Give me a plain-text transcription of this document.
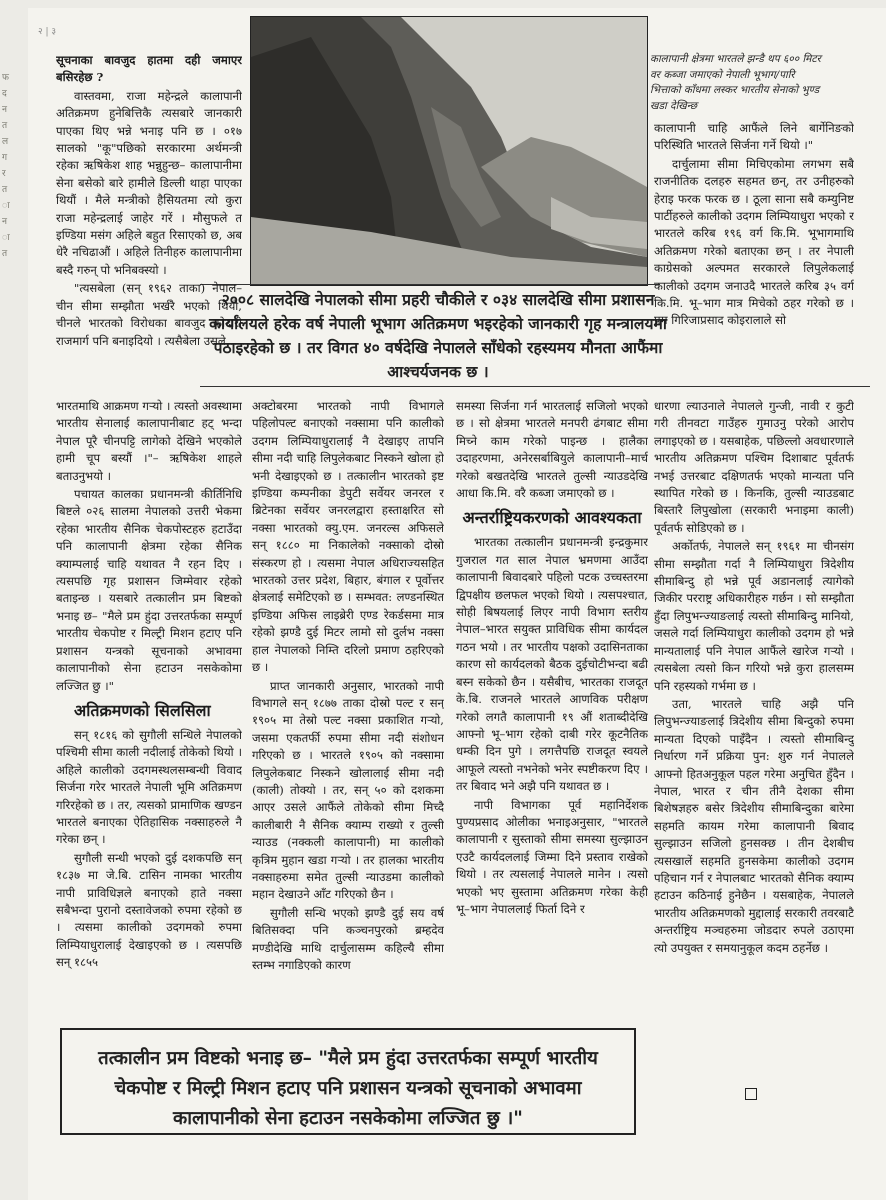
फ
द
न
त
ल
ग
र
त
ा
न
ा
त
२ | ३
कालापानी क्षेत्रमा भारतले झन्डै थप ६०० मिटर वर कब्जा जमाएको नेपाली भूभाग/पारि भित्ताको काँधमा लस्कर भारतीय सेनाको भुण्ड खडा देखिन्छ
२००८ सालदेखि नेपालको सीमा प्रहरी चौकीले र ०३४ सालदेखि सीमा प्रशासन कार्यालयले हरेक वर्ष नेपाली भूभाग अतिक्रमण भइरहेको जानकारी गृह मन्त्रालयमा पठाइरहेको छ । तर विगत ४० वर्षदेखि नेपालले साँधेको रहस्यमय मौनता आफैंमा आश्चर्यजनक छ ।

सूचनाका बावजुद हातमा दही जमाएर बसिरहेछ ?

वास्तवमा, राजा महेन्द्रले कालापानी अतिक्रमण हुनेबित्तिकै त्यसबारे जानकारी पाएका थिए भन्ने भनाइ पनि छ । ०१७ सालको "कू"पछिको सरकारमा अर्थमन्त्री रहेका ऋषिकेश शाह भन्नुहुन्छ– कालापानीमा सेना बसेको बारे हामीले डिल्ली थाहा पाएका थियौं । मैले मन्त्रीको हैसियतमा त्यो कुरा राजा महेन्द्रलाई जाहेर गरें । मौसुफले त इण्डिया मसंग अहिले बहुत रिसाएको छ, अब धेरै नचिढाऔं । अहिले तिनीहरु कालापानीमा बस्दै गरुन् पो भनिबक्स्यो ।

"त्यसबेला (सन् १९६२ ताका) नेपाल–चीन सीमा सम्झौता भर्खरै भएको थियो, चीनले भारतको विरोधका बावजुद कोदारी राजमार्ग पनि बनाइदियो । त्यसैबेला उसले

भारतमाथि आक्रमण गऱ्यो । त्यस्तो अवस्थामा भारतीय सेनालाई कालापानीबाट हट् भन्दा नेपाल पूरै चीनपट्टि लागेको देखिने भएकोले हामी चूप बस्यौं ।"– ऋषिकेश शाहले बताउनुभयो ।

पचायत कालका प्रधानमन्त्री कीर्तिनिधि बिष्टले ०२६ सालमा नेपालको उत्तरी भेकमा रहेका भारतीय सैनिक चेकपोस्टहरु हटाउँदा पनि कालापानी क्षेत्रमा रहेका सैनिक क्याम्पलाई चाहि यथावत नै रहन दिए । त्यसपछि गृह प्रशासन जिम्मेवार रहेको बताइन्छ । यसबारे तत्कालीन प्रम बिष्टको भनाइ छ– "मैले प्रम हुंदा उत्तरतर्फका सम्पूर्ण भारतीय चेकपोष्ट र मिल्ट्री मिशन हटाए पनि प्रशासन यन्त्रको सूचनाको अभावमा कालापानीको सेना हटाउन नसकेकोमा लज्जित छु ।"

अतिक्रमणको सिलसिला

सन् १८१६ को सुगौली सन्धिले नेपालको पश्चिमी सीमा काली नदीलाई तोकेको थियो । अहिले कालीको उदगमस्थलसम्बन्धी विवाद सिर्जना गरेर भारतले नेपाली भूमि अतिक्रमण गरिरहेको छ । तर, त्यसको प्रामाणिक खण्डन भारतले बनाएका ऐतिहासिक नक्साहरुले नै गरेका छन् ।

सुगौली सन्धी भएको दुई दशकपछि सन् १८३७ मा जे.बि. टासिन नामका भारतीय नापी प्राविधिज्ञले बनाएको हाते नक्सा सबैभन्दा पुरानो दस्तावेजको रुपमा रहेको छ । त्यसमा कालीको उदगमको रुपमा लिम्पियाधुरालाई देखाइएको छ । त्यसपछि सन् १८५५

अक्टोबरमा भारतको नापी विभागले पहिलोपल्ट बनाएको नक्सामा पनि कालीको उदगम लिम्पियाधुरालाई नै देखाइए तापनि सीमा नदी चाहि लिपुलेकबाट निस्कने खोला हो भनी देखाइएको छ । तत्कालीन भारतको इष्ट इण्डिया कम्पनीका डेपुटी सर्वेयर जनरल र ब्रिटेनका सर्वेयर जनरलद्वारा हस्ताक्षरित सो नक्सा भारतको क्यु.एम. जनरल्स अफिसले सन् १८८० मा निकालेको नक्साको दोस्रो संस्करण हो । त्यसमा नेपाल अधिराज्यसहित भारतको उत्तर प्रदेश, बिहार, बंगाल र पूर्वोत्तर क्षेत्रलाई समेटिएको छ । सम्भवत: लण्डनस्थित इण्डिया अफिस लाइब्रेरी एण्ड रेकर्डसमा मात्र रहेको झण्डै दुई मिटर लामो सो दुर्लभ नक्सा हाल नेपालको निम्ति दरिलो प्रमाण ठहरिएको छ ।

प्राप्त जानकारी अनुसार, भारतको नापी विभागले सन् १८७७ ताका दोस्रो पल्ट र सन् १९०५ मा तेस्रो पल्ट नक्सा प्रकाशित गऱ्यो, जसमा एकतर्फी रुपमा सीमा नदी संशोधन गरिएको छ । भारतले १९०५ को नक्सामा लिपुलेकबाट निस्कने खोलालाई सीमा नदी (काली) तोक्यो । तर, सन् ५० को दशकमा आएर उसले आफैंले तोकेको सीमा मिच्दै कालीबारी नै सैनिक क्याम्प राख्यो र तुल्सी न्याउड (नक्कली कालापानी) मा कालीको कृत्रिम मुहान खडा गऱ्यो । तर हालका भारतीय नक्साहरुमा समेत तुल्सी न्याउडमा कालीको महान देखाउने आँट गरिएको छैन ।

सुगौली सन्धि भएको झण्डै दुई सय वर्ष बितिसक्दा पनि कञ्चनपुरको ब्रम्हदेव मण्डीदेखि माथि दार्चुलासम्म कहिल्यै सीमा स्तम्भ नगाडिएको कारण

समस्या सिर्जना गर्न भारतलाई सजिलो भएको छ । सो क्षेत्रमा भारतले मनपरी ढंगबाट सीमा मिच्ने काम गरेको पाइन्छ । हालैका उदाहरणमा, अनेरसर्बाबियुले कालापानी–मार्च गरेको बखतदेखि भारतले तुल्सी न्याउडदेखि आधा कि.मि. वरै कब्जा जमाएको छ ।

अन्तर्राष्ट्रियकरणको आवश्यकता

भारतका तत्कालीन प्रधानमन्त्री इन्द्रकुमार गुजराल गत साल नेपाल भ्रमणमा आउँदा कालापानी बिवादबारे पहिलो पटक उच्चस्तरमा द्विपक्षीय छलफल भएको थियो । त्यसपश्चात, सोही बिषयलाई लिएर नापी विभाग स्तरीय नेपाल–भारत सयुक्त प्राविधिक सीमा कार्यदल गठन भयो । तर भारतीय पक्षको उदासिनताका कारण सो कार्यदलको बैठक दुईचोटीभन्दा बढी बस्न सकेको छैन । यसैबीच, भारतका राजदूत के.बि. राजनले भारतले आणविक परीक्षण गरेको लगतै कालापानी १९ औं शताब्दीदेखि आफ्नो भू–भाग रहेको दाबी गरेर कूटनैतिक धम्की दिन पुगे । लगत्तैपछि राजदूत स्वयले आफूले त्यस्तो नभनेको भनेर स्पष्टीकरण दिए । तर बिवाद भने अझै पनि यथावत छ ।

नापी विभागका पूर्व महानिर्देशक पुण्यप्रसाद ओलीका भनाइअनुसार, "भारतले कालापानी र सुस्ताको सीमा समस्या सुल्झाउन एउटै कार्यदललाई जिम्मा दिने प्रस्ताव राखेको थियो । तर त्यसलाई नेपालले मानेन । त्यसो भएको भए सुस्तामा अतिक्रमण गरेका केही भू–भाग नेपाललाई फिर्ता दिने र

कालापानी चाहि आफैंले लिने बार्गेनिङको परिस्थिति भारतले सिर्जना गर्ने थियो ।"

दार्चुलामा सीमा मिचिएकोमा लगभग सबै राजनीतिक दलहरु सहमत छन्, तर उनीहरुको हेराइ फरक फरक छ । ठूला साना सबै कम्युनिष्ट पार्टीहरुले कालीको उदगम लिम्पियाधुरा भएको र भारतले करिब १९६ वर्ग कि.मि. भूभागमाथि अतिक्रमण गरेको बताएका छन् । तर नेपाली काग्रेसको अल्पमत सरकारले लिपुलेकलाई कालीको उदगम जनाउदै भारतले करिब ३५ वर्ग कि.मि. भू–भाग मात्र मिचेको ठहर गरेको छ । प्रम गिरिजाप्रसाद कोइरालाले सो

धारणा ल्याउनाले नेपालले गुन्जी, नावी र कुटी गरी तीनवटा गाउँहरु गुमाउनु परेको आरोप लगाइएको छ । यसबाहेक, पछिल्लो अवधारणाले भारतीय अतिक्रमण पश्चिम दिशाबाट पूर्वतर्फ नभई उत्तरबाट दक्षिणतर्फ भएको मान्यता पनि स्थापित गरेको छ । किनकि, तुल्सी न्याउडबाट बिस्तारै लिपुखोला (सरकारी भनाइमा काली) पूर्वतर्फ सोडिएको छ ।

अर्कोतर्फ, नेपालले सन् १९६१ मा चीनसंग सीमा सम्झौता गर्दा नै लिम्पियाधुरा त्रिदेशीय सीमाबिन्दु हो भन्ने पूर्व अडानलाई त्यागेको जिकीर परराष्ट्र अधिकारीहरु गर्छन । सो सम्झौता हुँदा लिपुभन्ज्याङलाई त्यस्तो सीमाबिन्दु मानियो, जसले गर्दा लिम्पियाधुरा कालीको उदगम हो भन्ने मान्यतालाई पनि नेपाल आफैंले खारेज गऱ्यो । त्यसबेला त्यसो किन गरियो भन्ने कुरा हालसम्म पनि रहस्यको गर्भमा छ ।

उता, भारतले चाहि अझै पनि लिपुभन्ज्याङलाई त्रिदेशीय सीमा बिन्दुको रुपमा मान्यता दिएको पाइँदैन । त्यस्तो सीमाबिन्दु निर्धारण गर्ने प्रक्रिया पुन: शुरु गर्न नेपालले आफ्नो हितअनुकूल पहल गरेमा अनुचित हुँदैन । नेपाल, भारत र चीन तीनै देशका सीमा बिशेषज्ञहरु बसेर त्रिदेशीय सीमाबिन्दुका बारेमा सहमति कायम गरेमा कालापानी बिवाद सुल्झाउन सजिलो हुनसक्छ । तीन देशबीच त्यसखालें सहमति हुनसकेमा कालीको उदगम पहिचान गर्न र नेपालबाट भारतको सैनिक क्याम्प हटाउन कठिनाई हुनेछैन । यसबाहेक, नेपालले भारतीय अतिक्रमणको मुद्दालाई सरकारी तवरबाटै अन्तर्राष्ट्रिय मञ्चहरुमा जोडदार रुपले उठाएमा त्यो उपयुक्त र समयानुकूल कदम ठहर्नेछ ।

तत्कालीन प्रम विष्टको भनाइ छ– "मैले प्रम हुंदा उत्तरतर्फका सम्पूर्ण भारतीय चेकपोष्ट र मिल्ट्री मिशन हटाए पनि प्रशासन यन्त्रको सूचनाको अभावमा कालापानीको सेना हटाउन नसकेकोमा लज्जित छु ।"
